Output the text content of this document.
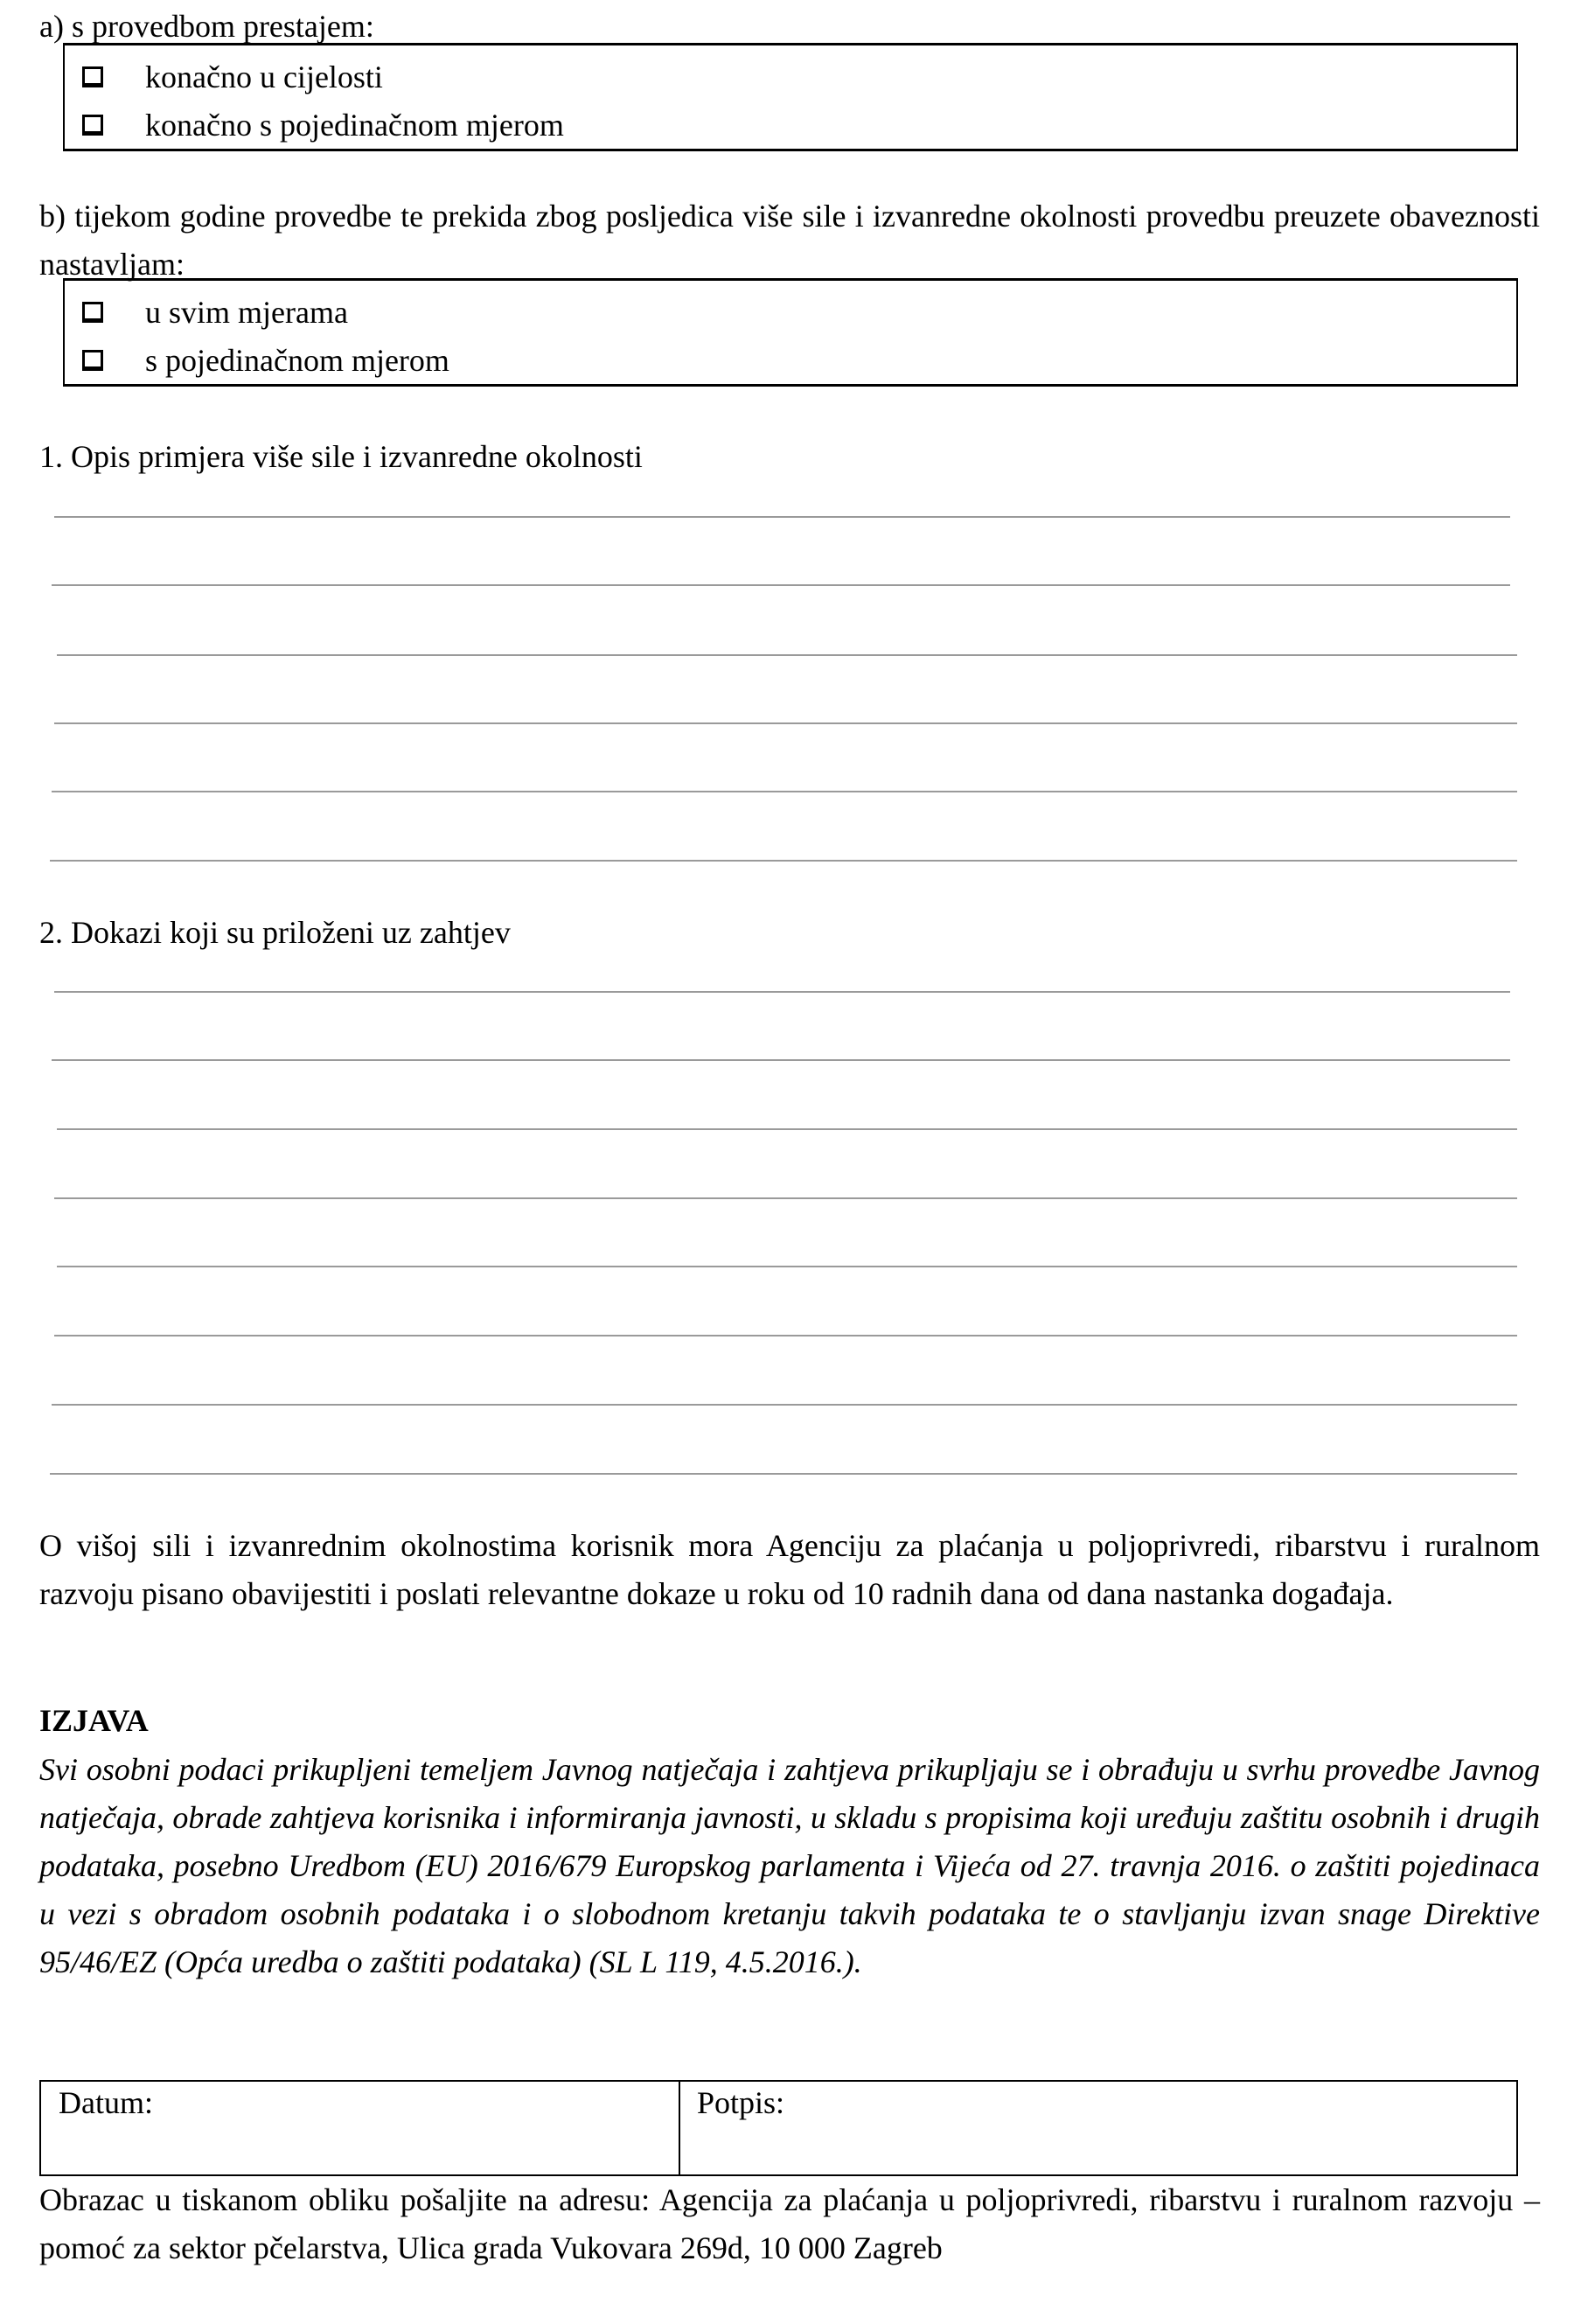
a) s provedbom prestajem:
konačno u cijelosti
konačno s pojedinačnom mjerom
b) tijekom godine provedbe te prekida zbog posljedica više sile i izvanredne okolnosti provedbu preuzete obaveznosti nastavljam:
u svim mjerama
s pojedinačnom mjerom
1. Opis primjera više sile i izvanredne okolnosti
2. Dokazi koji su priloženi uz zahtjev
O višoj sili i izvanrednim okolnostima korisnik mora Agenciju za plaćanja u poljoprivredi, ribarstvu i ruralnom razvoju pisano obavijestiti i poslati relevantne dokaze u roku od 10 radnih dana od dana nastanka događaja.
IZJAVA
Svi osobni podaci prikupljeni temeljem Javnog natječaja i zahtjeva prikupljaju se i obrađuju u svrhu provedbe Javnog natječaja, obrade zahtjeva korisnika i informiranja javnosti, u skladu s propisima koji uređuju zaštitu osobnih i drugih podataka, posebno Uredbom (EU) 2016/679 Europskog parlamenta i Vijeća od 27. travnja 2016. o zaštiti pojedinaca u vezi s obradom osobnih podataka i o slobodnom kretanju takvih podataka te o stavljanju izvan snage Direktive 95/46/EZ (Opća uredba o zaštiti podataka) (SL L 119, 4.5.2016.).
Datum:	Potpis:
Obrazac u tiskanom obliku pošaljite na adresu: Agencija za plaćanja u poljoprivredi, ribarstvu i ruralnom razvoju – pomoć za sektor pčelarstva, Ulica grada Vukovara 269d, 10 000 Zagreb
